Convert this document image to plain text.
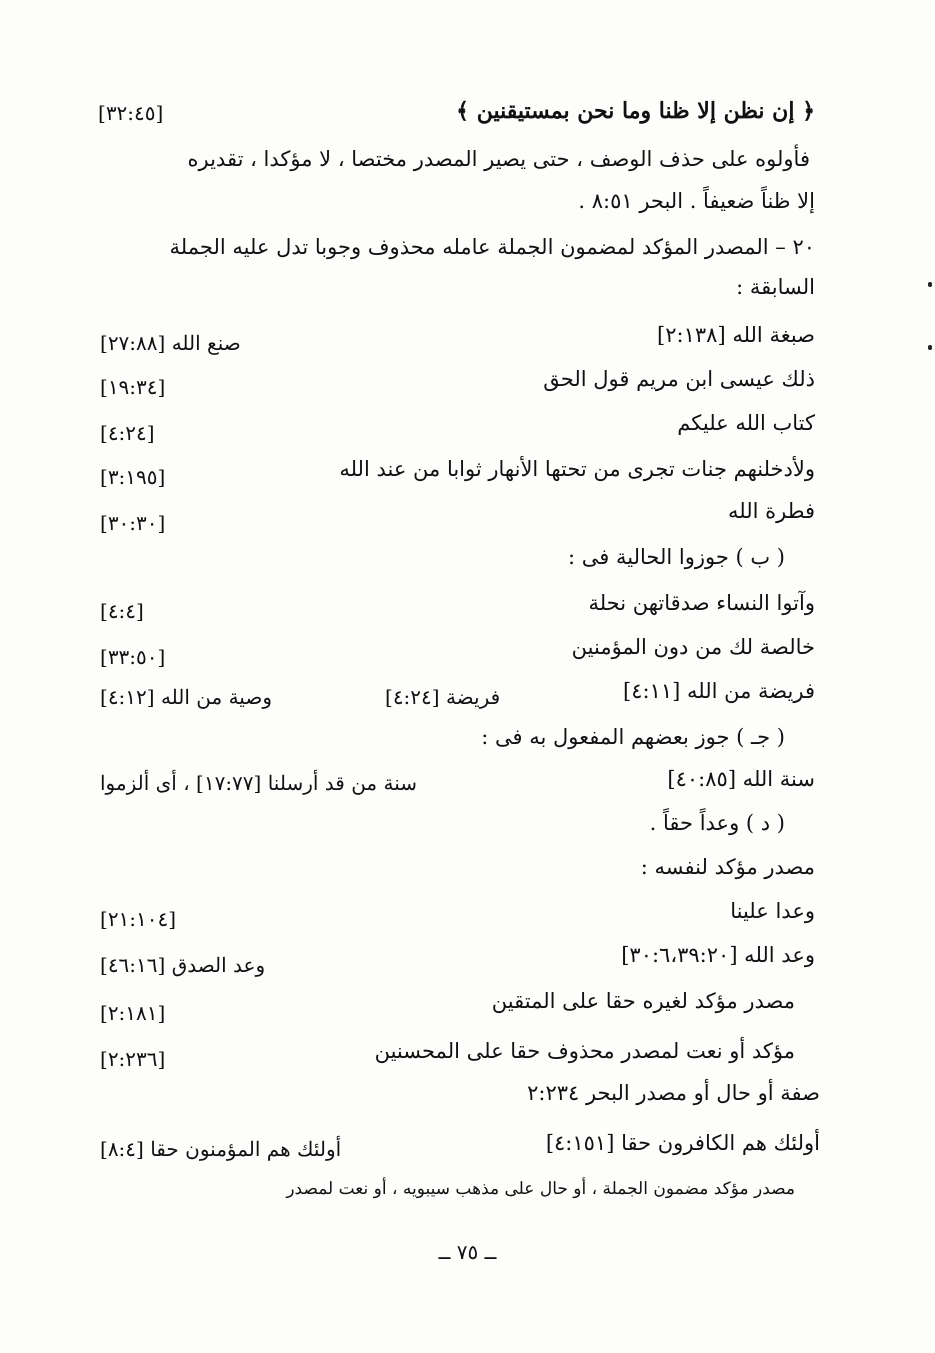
﴿ إن نظن إلا ظنا وما نحن بمستيقنين ﴾
[٣٢:٤٥]
فأولوه على حذف الوصف ، حتى يصير المصدر مختصا ، لا مؤكدا ، تقديره
إلا ظناً ضعيفاً . البحر ٨:٥١ .
٢٠ – المصدر المؤكد لمضمون الجملة عامله محذوف وجوبا تدل عليه الجملة
السابقة :
صبغة الله [٢:١٣٨]
صنع الله [٢٧:٨٨]
ذلك عيسى ابن مريم قول الحق
[١٩:٣٤]
كتاب الله عليكم
[٤:٢٤]
ولأدخلنهم جنات تجرى من تحتها الأنهار ثوابا من عند الله
[٣:١٩٥]
فطرة الله
[٣٠:٣٠]
( ب ) جوزوا الحالية فى :
وآتوا النساء صدقاتهن نحلة
[٤:٤]
خالصة لك من دون المؤمنين
[٣٣:٥٠]
فريضة من الله [٤:١١]
فريضة [٤:٢٤]
وصية من الله [٤:١٢]
( جـ ) جوز بعضهم المفعول به فى :
سنة الله [٤٠:٨٥]
سنة من قد أرسلنا [١٧:٧٧] ، أى ألزموا
( د ) وعداً حقاً .
مصدر مؤكد لنفسه :
وعدا علينا
[٢١:١٠٤]
وعد الله [٣٠:٦،٣٩:٢٠]
وعد الصدق [٤٦:١٦]
مصدر مؤكد لغيره حقا على المتقين
[٢:١٨١]
مؤكد أو نعت لمصدر محذوف حقا على المحسنين
[٢:٢٣٦]
صفة أو حال أو مصدر البحر ٢:٢٣٤
أولئك هم الكافرون حقا [٤:١٥١]
أولئك هم المؤمنون حقا [٨:٤]
مصدر مؤكد مضمون الجملة ، أو حال على مذهب سيبويه ، أو نعت لمصدر
ــ ٧٥ ــ
